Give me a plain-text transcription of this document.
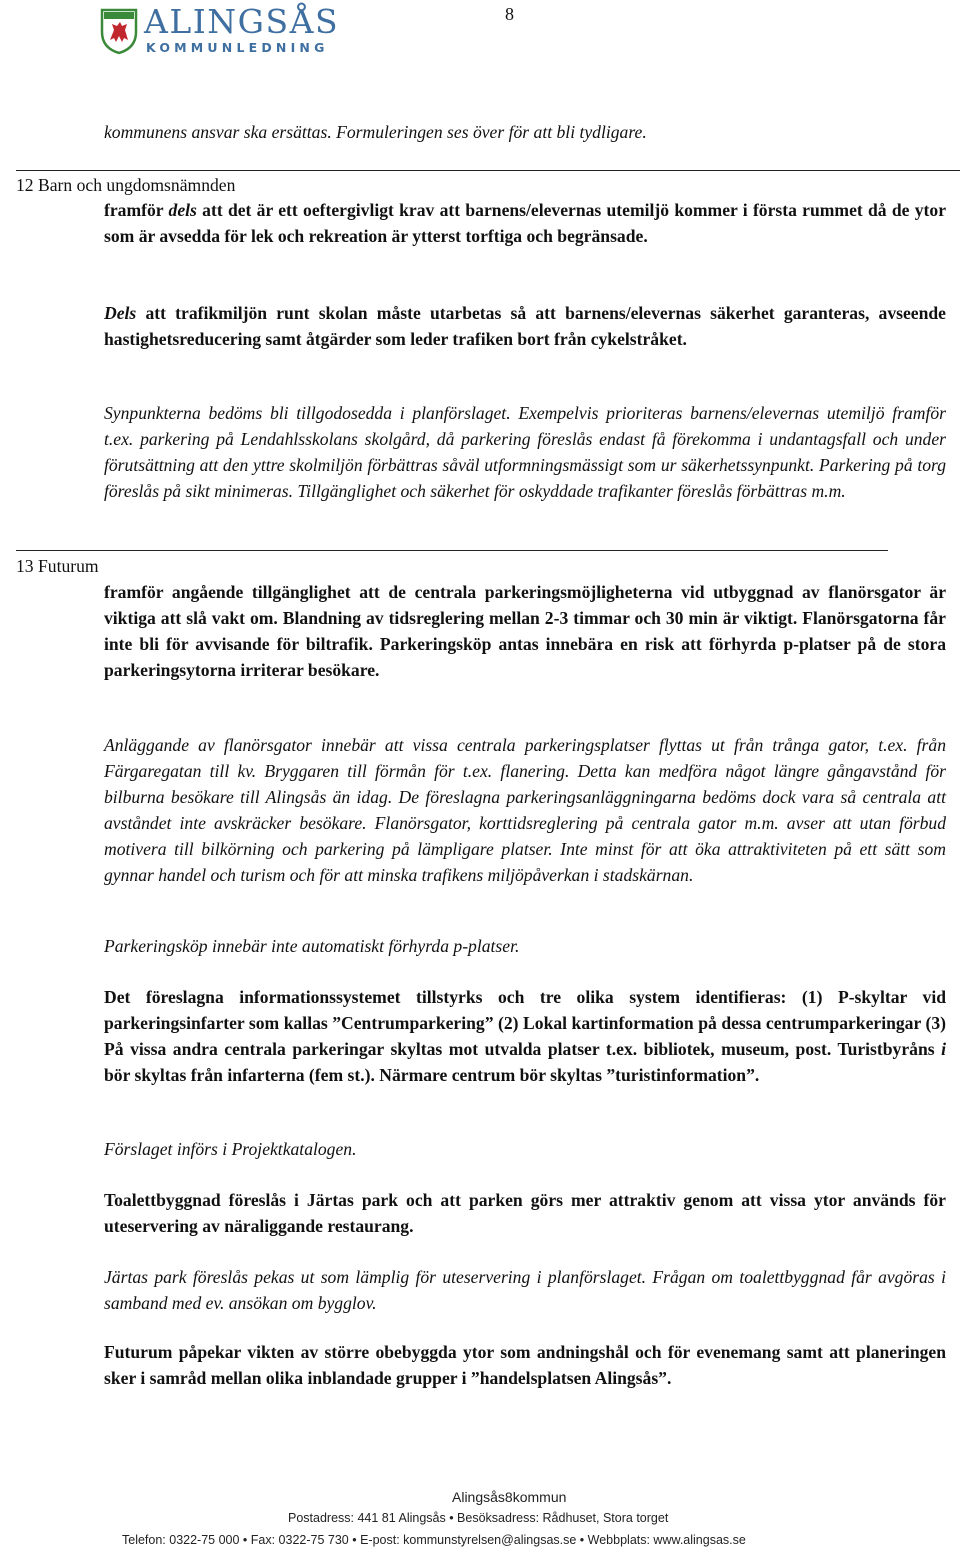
ALINGSÅS
KOMMUNLEDNING
8

kommunens ansvar ska ersättas. Formuleringen ses över för att bli tydligare.

12 Barn och ungdomsnämnden

framför dels att det är ett oeftergivligt krav att barnens/elevernas utemiljö kommer i första rummet då de ytor som är avsedda för lek och rekreation är ytterst torftiga och begränsade.

Dels att trafikmiljön runt skolan måste utarbetas så att barnens/elevernas säkerhet garanteras, avseende hastighetsreducering samt åtgärder som leder trafiken bort från cykelstråket.

Synpunkterna bedöms bli tillgodosedda i planförslaget. Exempelvis prioriteras barnens/elevernas utemiljö framför t.ex. parkering på Lendahlsskolans skolgård, då parkering föreslås endast få förekomma i undantagsfall och under förutsättning att den yttre skolmiljön förbättras såväl utformningsmässigt som ur säkerhetssynpunkt. Parkering på torg föreslås på sikt minimeras. Tillgänglighet och säkerhet för oskyddade trafikanter föreslås förbättras m.m.

13 Futurum

framför angående tillgänglighet att de centrala parkeringsmöjligheterna vid utbyggnad av flanörsgator är viktiga att slå vakt om. Blandning av tidsreglering mellan 2-3 timmar och 30 min är viktigt. Flanörsgatorna får inte bli för avvisande för biltrafik. Parkeringsköp antas innebära en risk att förhyrda p-platser på de stora parkeringsytorna irriterar besökare.

Anläggande av flanörsgator innebär att vissa centrala parkeringsplatser flyttas ut från trånga gator, t.ex. från Färgaregatan till kv. Bryggaren till förmån för t.ex. flanering. Detta kan medföra något längre gångavstånd för bilburna besökare till Alingsås än idag. De föreslagna parkeringsanläggningarna bedöms dock vara så centrala att avståndet inte avskräcker besökare. Flanörsgator, korttidsreglering på centrala gator m.m. avser att utan förbud motivera till bilkörning och parkering på lämpligare platser. Inte minst för att öka attraktiviteten på ett sätt som gynnar handel och turism och för att minska trafikens miljöpåverkan i stadskärnan.

Parkeringsköp innebär inte automatiskt förhyrda p-platser.

Det föreslagna informationssystemet tillstyrks och tre olika system identifieras: (1) P-skyltar vid parkeringsinfarter som kallas ”Centrumparkering” (2) Lokal kartinformation på dessa centrumparkeringar (3) På vissa andra centrala parkeringar skyltas mot utvalda platser t.ex. bibliotek, museum, post. Turistbyråns i bör skyltas från infarterna (fem st.). Närmare centrum bör skyltas ”turistinformation”.

Förslaget införs i Projektkatalogen.

Toalettbyggnad föreslås i Järtas park och att parken görs mer attraktiv genom att vissa ytor används för uteservering av näraliggande restaurang.

Järtas park föreslås pekas ut som lämplig för uteservering i planförslaget. Frågan om toalettbyggnad får avgöras i samband med ev. ansökan om bygglov.

Futurum påpekar vikten av större obebyggda ytor som andningshål och för evenemang samt att planeringen sker i samråd mellan olika inblandade grupper i ”handelsplatsen Alingsås”.

Alingsås8kommun
Postadress: 441 81 Alingsås • Besöksadress: Rådhuset, Stora torget
Telefon: 0322-75 000 • Fax: 0322-75 730 • E-post: kommunstyrelsen@alingsas.se • Webbplats: www.alingsas.se
